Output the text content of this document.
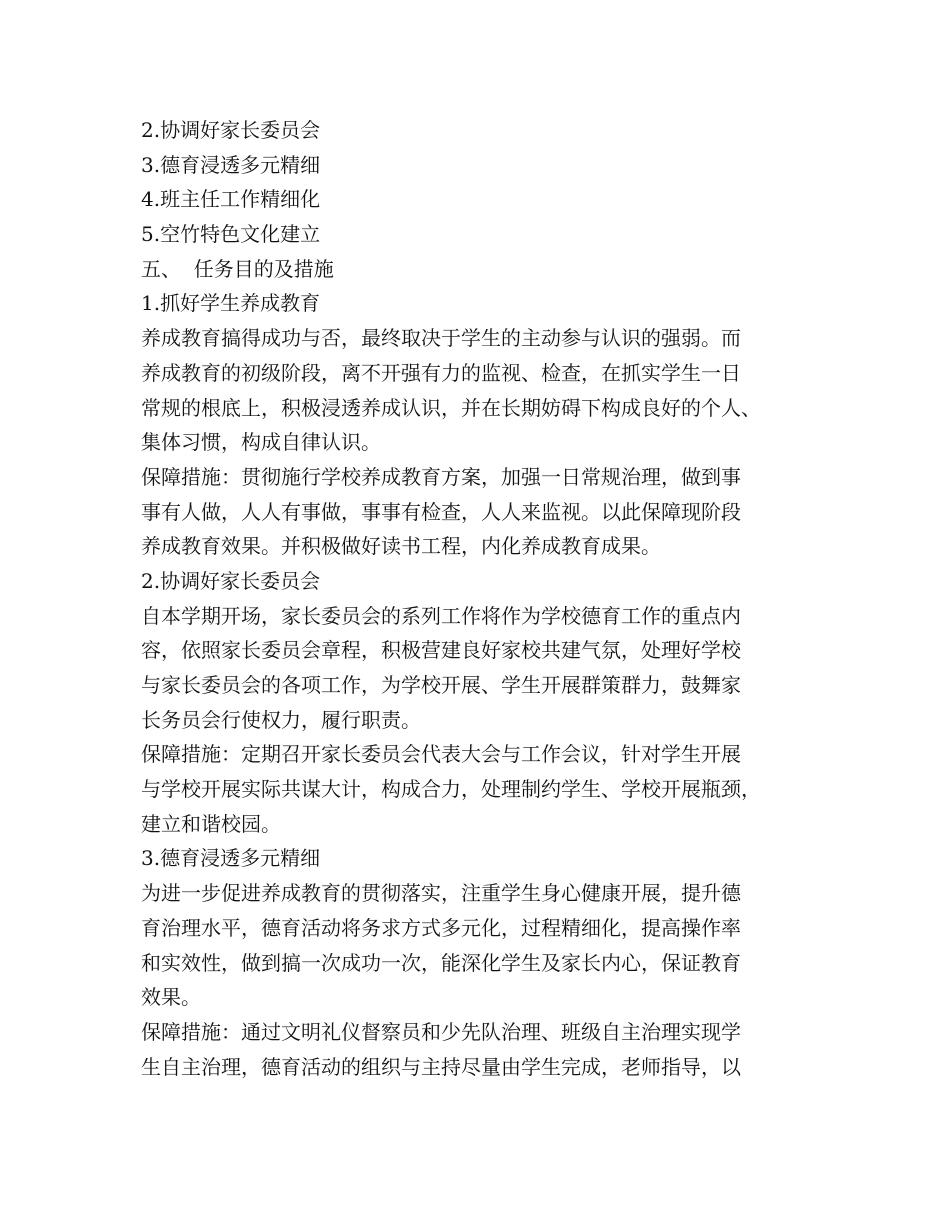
2.协调好家长委员会

3.德育浸透多元精细

4.班主任工作精细化

5.空竹特色文化建立

五、  任务目的及措施

1.抓好学生养成教育

养成教育搞得成功与否，最终取决于学生的主动参与认识的强弱。而

养成教育的初级阶段，离不开强有力的监视、检查，在抓实学生一日

常规的根底上，积极浸透养成认识，并在长期妨碍下构成良好的个人、

集体习惯，构成自律认识。

保障措施：贯彻施行学校养成教育方案，加强一日常规治理，做到事

事有人做，人人有事做，事事有检查，人人来监视。以此保障现阶段

养成教育效果。并积极做好读书工程，内化养成教育成果。

2.协调好家长委员会

自本学期开场，家长委员会的系列工作将作为学校德育工作的重点内

容，依照家长委员会章程，积极营建良好家校共建气氛，处理好学校

与家长委员会的各项工作，为学校开展、学生开展群策群力，鼓舞家

长务员会行使权力，履行职责。

保障措施：定期召开家长委员会代表大会与工作会议，针对学生开展

与学校开展实际共谋大计，构成合力，处理制约学生、学校开展瓶颈，

建立和谐校园。

3.德育浸透多元精细

为进一步促进养成教育的贯彻落实，注重学生身心健康开展，提升德

育治理水平，德育活动将务求方式多元化，过程精细化，提高操作率

和实效性，做到搞一次成功一次，能深化学生及家长内心，保证教育

效果。

保障措施：通过文明礼仪督察员和少先队治理、班级自主治理实现学

生自主治理，德育活动的组织与主持尽量由学生完成，老师指导，以
